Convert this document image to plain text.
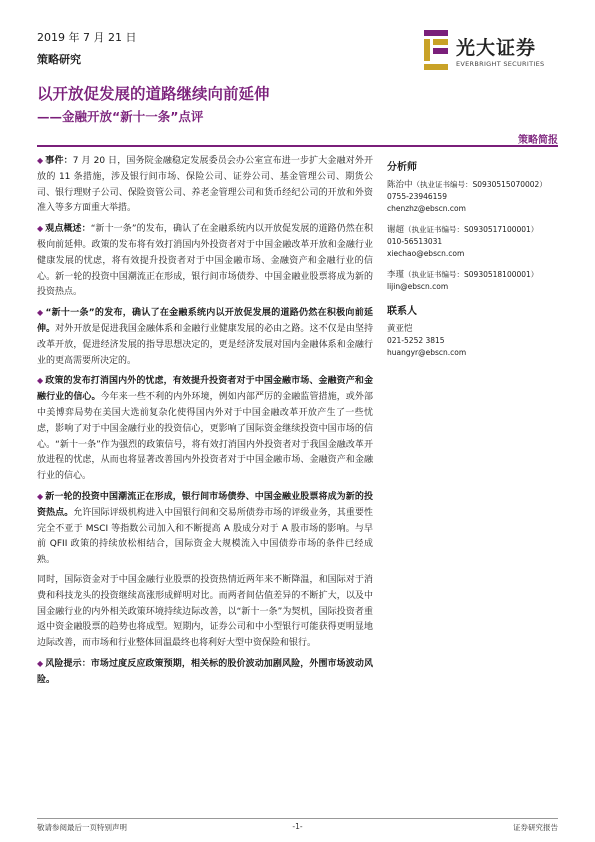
2019 年 7 月 21 日
策略研究
光大证券
EVERBRIGHT SECURITIES
以开放促发展的道路继续向前延伸
——金融开放“新十一条”点评
策略简报

◆ 事件：7 月 20 日，国务院金融稳定发展委员会办公室宣布进一步扩大金融对外开放的 11 条措施，涉及银行间市场、保险公司、证券公司、基金管理公司、期货公司、银行理财子公司、保险资管公司、养老金管理公司和货币经纪公司的开放和外资准入等多方面重大举措。

◆ 观点概述：“新十一条”的发布，确认了在金融系统内以开放促发展的道路仍然在积极向前延伸。政策的发布将有效打消国内外投资者对于中国金融改革开放和金融行业健康发展的忧虑，将有效提升投资者对于中国金融市场、金融资产和金融行业的信心。新一轮的投资中国潮流正在形成，银行间市场债券、中国金融业股票将成为新的投资热点。

◆ “新十一条”的发布，确认了在金融系统内以开放促发展的道路仍然在积极向前延伸。对外开放是促进我国金融体系和金融行业健康发展的必由之路。这不仅是由坚持改革开放，促进经济发展的指导思想决定的，更是经济发展对国内金融体系和金融行业的更高需要所决定的。

◆ 政策的发布打消国内外的忧虑，有效提升投资者对于中国金融市场、金融资产和金融行业的信心。今年来一些不利的内外环境，例如内部严厉的金融监管措施，或外部中美博弈局势在美国大选前复杂化使得国内外对于中国金融改革开放产生了一些忧虑，影响了对于中国金融行业的投资信心，更影响了国际资金继续投资中国市场的信心。“新十一条”作为强烈的政策信号，将有效打消国内外投资者对于我国金融改革开放进程的忧虑，从而也将显著改善国内外投资者对于中国金融市场、金融资产和金融行业的信心。

◆ 新一轮的投资中国潮流正在形成，银行间市场债券、中国金融业股票将成为新的投资热点。允许国际评级机构进入中国银行间和交易所债券市场的评级业务，其重要性完全不亚于 MSCI 等指数公司加入和不断提高 A 股成分对于 A 股市场的影响。与早前 QFII 政策的持续放松相结合，国际资金大规模流入中国债券市场的条件已经成熟。

同时，国际资金对于中国金融行业股票的投资热情近两年来不断降温，和国际对于消费和科技龙头的投资继续高涨形成鲜明对比。而两者间估值差异的不断扩大，以及中国金融行业的内外相关政策环境持续边际改善，以“新十一条”为契机，国际投资者重返中资金融股票的趋势也将成型。短期内，证券公司和中小型银行可能获得更明显地边际改善，而市场和行业整体回温最终也将利好大型中资保险和银行。

◆ 风险提示：市场过度反应政策预期，相关标的股价波动加剧风险，外围市场波动风险。

分析师
陈治中（执业证书编号：S0930515070002）
0755-23946159
chenzhz@ebscn.com
谢超（执业证书编号：S0930517100001）
010-56513031
xiechao@ebscn.com
李瑾（执业证书编号：S0930518100001）
lijin@ebscn.com
联系人
黄亚恺
021-5252 3815
huangyr@ebscn.com
敬请参阅最后一页特别声明	-1-	证券研究报告
